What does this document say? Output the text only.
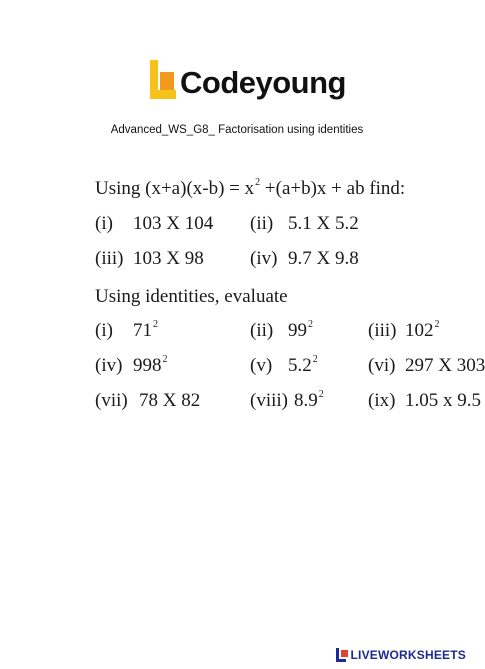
Codeyoung
Advanced_WS_G8_ Factorisation using identities
Using $(x+a)(x-b) = x^2 +(a+b)x$ + ab find:
(i) 103 X 104 (ii) 5.1 X 5.2
(iii) 103 X 98 (iv) 9.7 X 9.8
Using identities, evaluate
(i) $71^2$	(ii) $99^2$	(iii) $102^2$
(iv) $998^2$	(v) $5.2^2$	(vi) 297 X 303
(vii) 78 X 82	(viii) $8.9^2$ (ix) 1.05 x 9.5
LIVEWORKSHEETS
